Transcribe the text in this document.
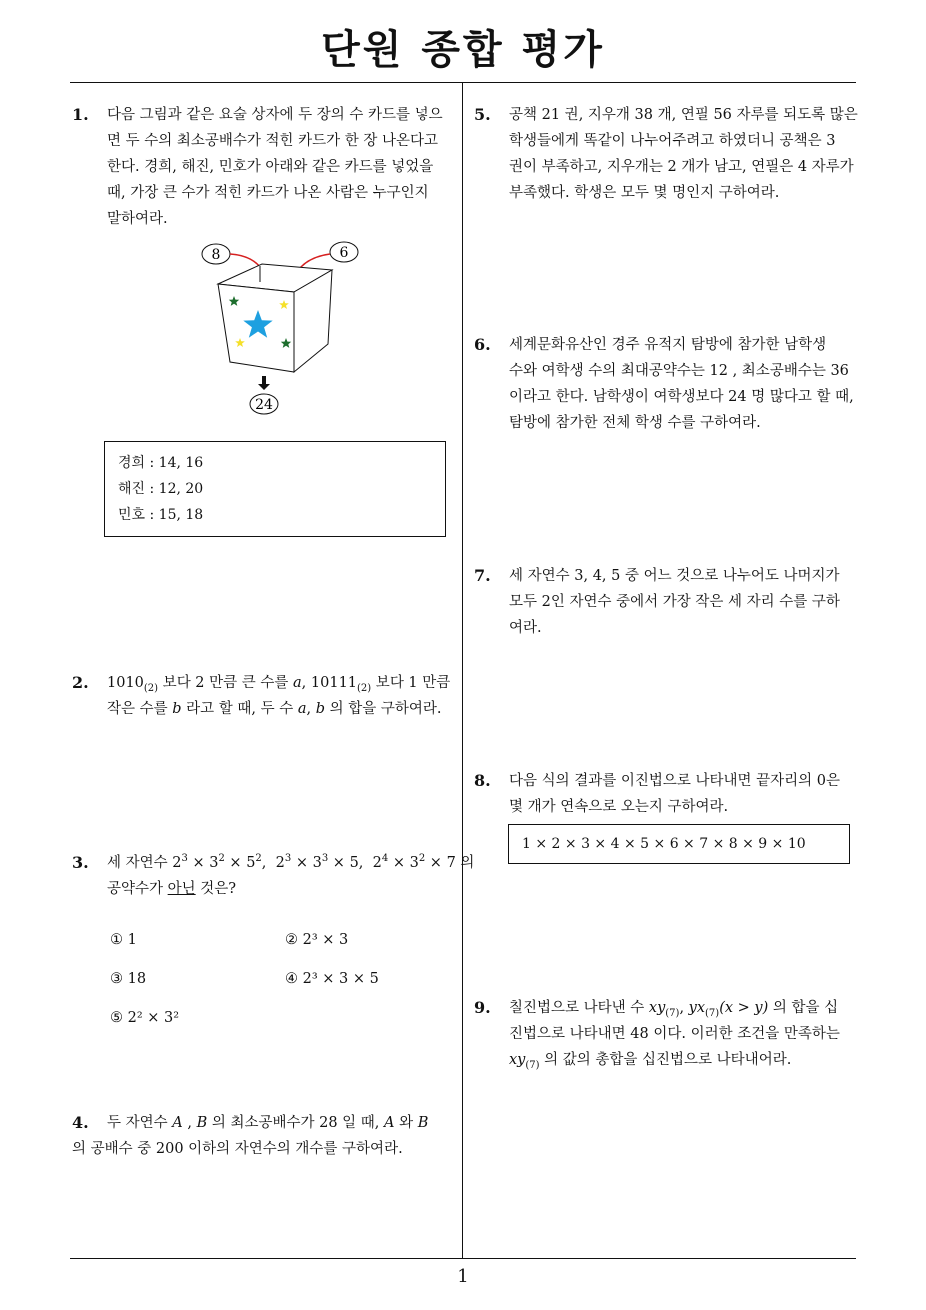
단원 종합 평가
1
1. 다음 그림과 같은 요술 상자에 두 장의 수 카드를 넣으
면 두 수의 최소공배수가 적힌 카드가 한 장 나온다고
한다. 경희, 해진, 민호가 아래와 같은 카드를 넣었을
때, 가장 큰 수가 적힌 카드가 나온 사람은 누구인지
말하여라.
8	6
24
경희 : 14, 16
해진 : 12, 20
민호 : 15, 18
2. $1010_{(2)}$ 보다 2 만큼 큰 수를 a, $10111_{(2)}$ 보다 1 만큼
작은 수를 b 라고 할 때, 두 수 a, b 의 합을 구하여라.
3. 세 자연수 $2^3 \times 3^2 \times 5^2$,  $2^3 \times 3^3 \times 5$,  $2^4 \times 3^2 \times 7$ 의
공약수가 아닌 것은?
① 1	② 2³ × 3
③ 18	④ 2³ × 3 × 5
⑤ 2² × 3²
4. 두 자연수 A , B 의 최소공배수가 28 일 때, A 와 B
의 공배수 중 200 이하의 자연수의 개수를 구하여라.
5. 공책 21 권, 지우개 38 개, 연필 56 자루를 되도록 많은
학생들에게 똑같이 나누어주려고 하였더니 공책은 3
권이 부족하고, 지우개는 2 개가 남고, 연필은 4 자루가
부족했다. 학생은 모두 몇 명인지 구하여라.
6. 세계문화유산인 경주 유적지 탐방에 참가한 남학생
수와 여학생 수의 최대공약수는 12 , 최소공배수는 36
이라고 한다. 남학생이 여학생보다 24 명 많다고 할 때,
탐방에 참가한 전체 학생 수를 구하여라.
7. 세 자연수 3, 4, 5 중 어느 것으로 나누어도 나머지가
모두 2인 자연수 중에서 가장 작은 세 자리 수를 구하
여라.
8. 다음 식의 결과를 이진법으로 나타내면 끝자리의 0은
몇 개가 연속으로 오는지 구하여라.
1 × 2 × 3 × 4 × 5 × 6 × 7 × 8 × 9 × 10
9. 칠진법으로 나타낸 수 $xy_{(7)}$, $yx_{(7)}(x > y)$ 의 합을 십
진법으로 나타내면 48 이다. 이러한 조건을 만족하는
$xy_{(7)}$ 의 값의 총합을 십진법으로 나타내어라.
